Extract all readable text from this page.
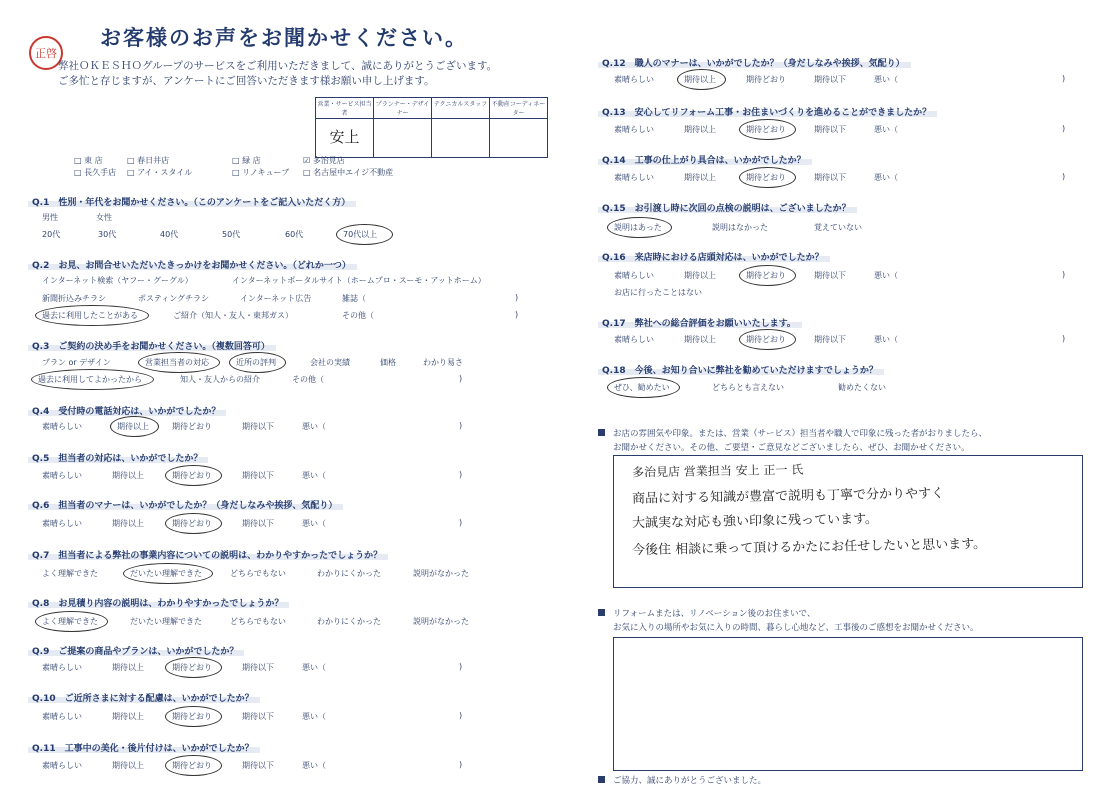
お客様のお声をお聞かせください。
正啓
弊社ＯＫＥＳＨＯグループのサービスをご利用いただきまして、誠にありがとうございます。
ご多忙と存じますが、アンケートにご回答いただきます様お願い申し上げます。
営業・サービス担当者	プランナー・デザイナー	テクニカルスタッフ	不動産コーディネーター

安上			

□ 東 店	□ 春日井店	□ 緑 店	☑ 多治見店
□ 長久手店 □ アイ・スタイル	□ リノキューブ □ 名古屋中エイジ不動産
Q.1　性別・年代をお聞かせください。（このアンケートをご記入いただく方）
男性	女性
20代	30代	40代	50代	60代	70代以上
Q.2　お見、お問合せいただいたきっかけをお聞かせください。（どれか一つ）
インターネット検索（ヤフー・グーグル）	インターネットポータルサイト（ホームプロ・スーモ・アットホーム）
新聞折込みチラシ	ポスティングチラシ	インターネット広告	雑誌（	)
過去に利用したことがある	ご紹介（知人・友人・東邦ガス）	その他（	)
Q.3　ご契約の決め手をお聞かせください。（複数回答可）
プラン or デザイン	営業担当者の対応	近所の評判	会社の実績	価格	わかり易さ
過去に利用してよかったから	知人・友人からの紹介	その他（	)
Q.4　受付時の電話対応は、いかがでしたか？
素晴らしい	期待以上	期待どおり	期待以下	悪い（	)
Q.5　担当者の対応は、いかがでしたか？
素晴らしい	期待以上	期待どおり	期待以下	悪い（	)
Q.6　担当者のマナーは、いかがでしたか？（身だしなみや挨拶、気配り）
素晴らしい	期待以上	期待どおり	期待以下	悪い（	)
Q.7　担当者による弊社の事業内容についての説明は、わかりやすかったでしょうか？
よく理解できた	だいたい理解できた	どちらでもない	わかりにくかった	説明がなかった
Q.8　お見積り内容の説明は、わかりやすかったでしょうか？
よく理解できた	だいたい理解できた	どちらでもない	わかりにくかった	説明がなかった
Q.9　ご提案の商品やプランは、いかがでしたか？
素晴らしい	期待以上	期待どおり	期待以下	悪い（	)
Q.10　ご近所さまに対する配慮は、いかがでしたか？
素晴らしい	期待以上	期待どおり	期待以下	悪い（	)
Q.11　工事中の美化・後片付けは、いかがでしたか？
素晴らしい	期待以上	期待どおり	期待以下	悪い（	)
Q.12　職人のマナーは、いかがでしたか？（身だしなみや挨拶、気配り）
素晴らしい	期待以上	期待どおり	期待以下	悪い（	)
Q.13　安心してリフォーム工事・お住まいづくりを進めることができましたか？
素晴らしい	期待以上	期待どおり	期待以下	悪い（	)
Q.14　工事の仕上がり具合は、いかがでしたか？
素晴らしい	期待以上	期待どおり	期待以下	悪い（	)
Q.15　お引渡し時に次回の点検の説明は、ございましたか？
説明はあった	説明はなかった	覚えていない
Q.16　来店時における店頭対応は、いかがでしたか？
素晴らしい	期待以上	期待どおり	期待以下	悪い（	)
お店に行ったことはない
Q.17　弊社への総合評価をお願いいたします。
素晴らしい	期待以上	期待どおり	期待以下	悪い（	)
Q.18　今後、お知り合いに弊社を勧めていただけますでしょうか？
ぜひ、勧めたい	どちらとも言えない	勧めたくない
お店の雰囲気や印象。または、営業（サービス）担当者や職人で印象に残った者がおりましたら、
お聞かせください。その他、ご要望・ご意見などございましたら、ぜひ、お聞かせください。
多治見店 営業担当 安上 正一 氏
商品に対する知識が豊富で説明も丁寧で分かりやすく
大誠実な対応も強い印象に残っています。
今後住 相談に乗って頂けるかたにお任せしたいと思います。
リフォームまたは、リノベーション後のお住まいで、
お気に入りの場所やお気に入りの時間、暮らし心地など、工事後のご感想をお聞かせください。
ご協力、誠にありがとうございました。
